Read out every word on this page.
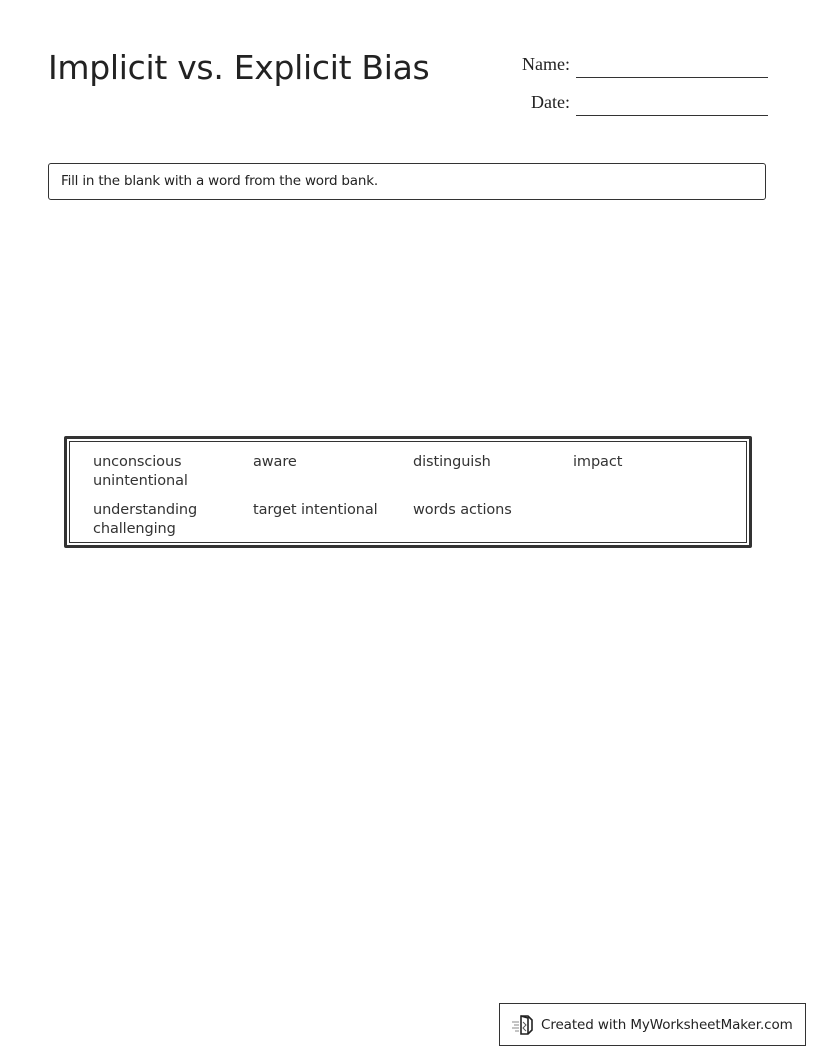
Implicit vs. Explicit Bias	Name:
Date:
Fill in the blank with a word from the word bank.
unconscious unintentional
aware	distinguish	impact
understanding challenging
target intentional	words actions
Created with MyWorksheetMaker.com
